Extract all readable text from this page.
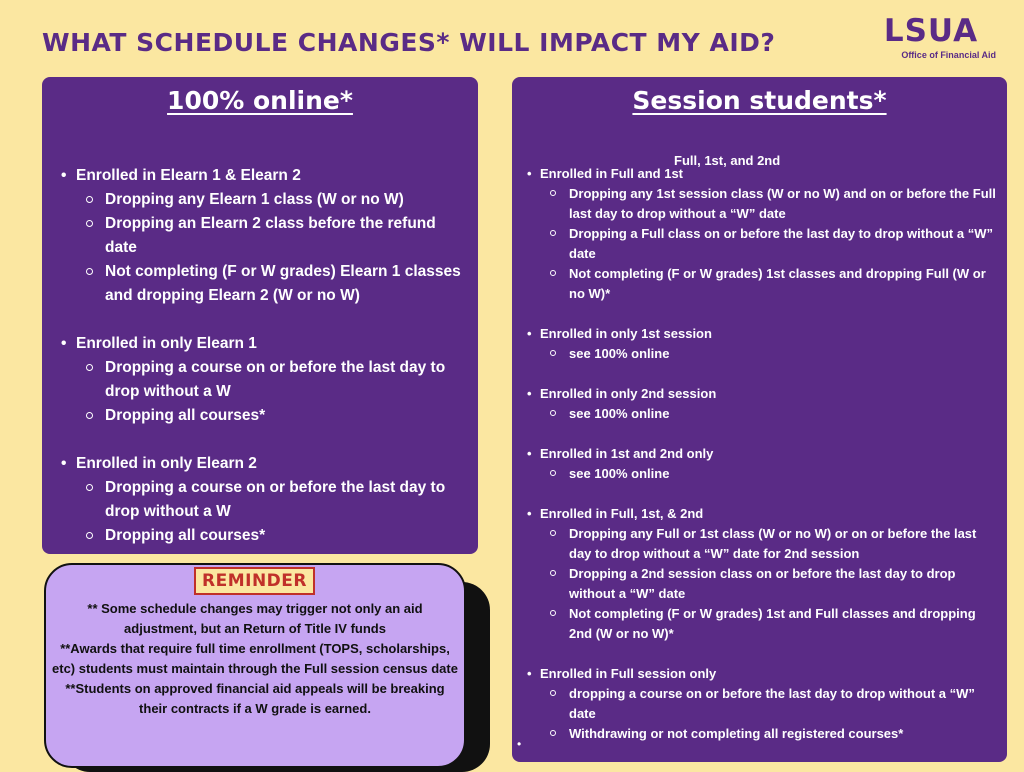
WHAT SCHEDULE CHANGES* WILL IMPACT MY AID?	LSUA
Office of Financial Aid
100% online*
• Enrolled in Elearn 1 & Elearn 2
Dropping any Elearn 1 class (W or no W)
Dropping an Elearn 2 class before the refund date
Not completing (F or W grades) Elearn 1 classes and dropping Elearn 2 (W or no W)
• Enrolled in only Elearn 1
Dropping a course on or before the last day to drop without a W
Dropping all courses*
• Enrolled in only Elearn 2
Dropping a course on or before the last day to drop without a W
Dropping all courses*
Session students*
Full, 1st, and 2nd
• Enrolled in Full and 1st
Dropping any 1st session class (W or no W) and on or before the Full last day to drop without a “W” date
Dropping a Full class on or before the last day to drop without a “W” date
Not completing (F or W grades) 1st classes and dropping Full (W or no W)*
• Enrolled in only 1st session
see 100% online
• Enrolled in only 2nd session
see 100% online
• Enrolled in 1st and 2nd only
see 100% online
• Enrolled in Full, 1st, & 2nd
Dropping any Full or 1st class (W or no W) or on or before the last day to drop without a “W” date for 2nd session
Dropping a 2nd session class on or before the last day to drop without a “W” date
Not completing (F or W grades) 1st and Full classes and dropping 2nd (W or no W)*
• Enrolled in Full session only
dropping a course on or before the last day to drop without a “W” date
Withdrawing or not completing all registered courses*
•
REMINDER

** Some schedule changes may trigger not only an aid adjustment, but an Return of Title IV funds

**Awards that require full time enrollment (TOPS, scholarships, etc) students must maintain through the Full session census date

**Students on approved financial aid appeals will be breaking their contracts if a W grade is earned.
